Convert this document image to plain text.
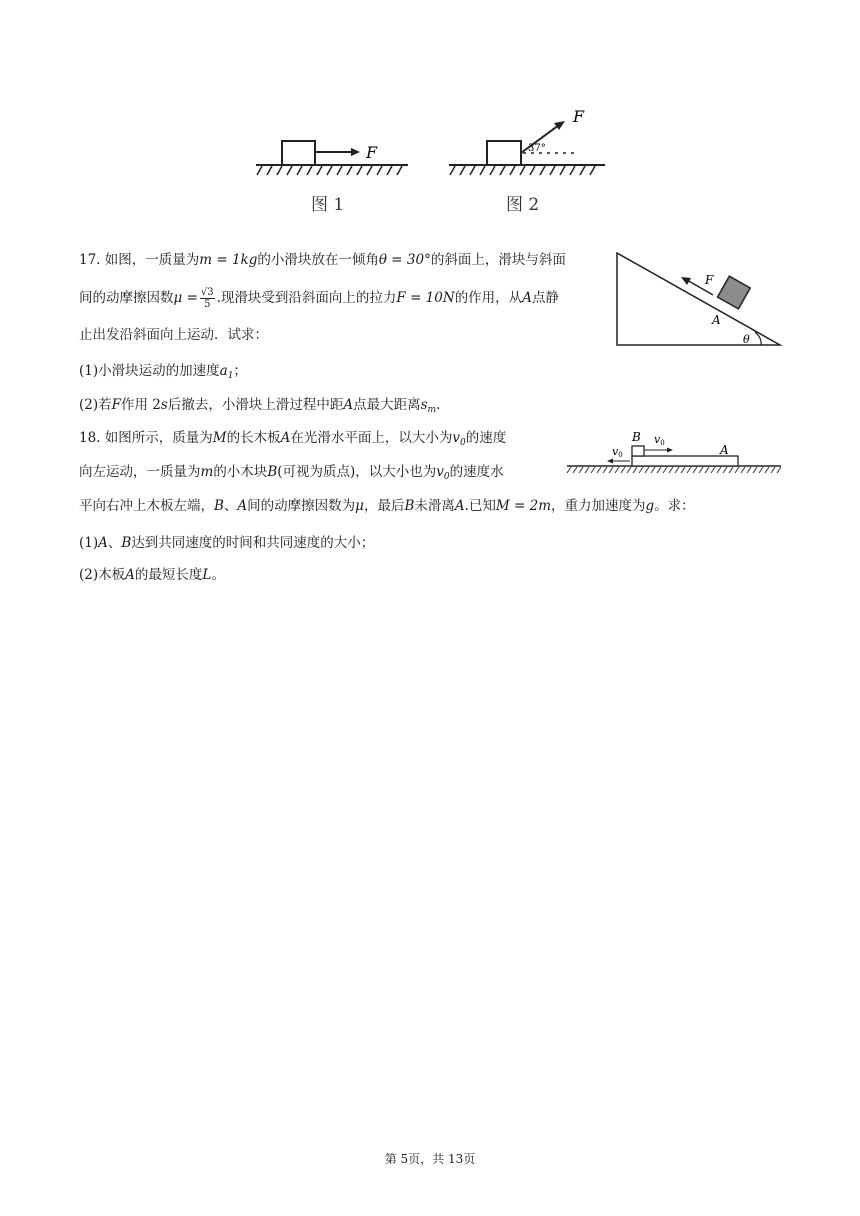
F
图 1
F
37°
图 2
17. 如图，一质量为m = 1kg的小滑块放在一倾角θ = 30°的斜面上，滑块与斜面
间的动摩擦因数$\mu = \frac{√3}{5}$ .现滑块受到沿斜面向上的拉力F = 10N的作用，从A点静
止出发沿斜面向上运动．试求：
(1)小滑块运动的加速度$a_1$；
(2)若F作用 2s后撤去，小滑块上滑过程中距A点最大距离$s_m$.
F
A
θ
18. 如图所示，质量为M的长木板A在光滑水平面上，以大小为$v_0$的速度
向左运动，一质量为m的小木块B(可视为质点)，以大小也为$v_0$的速度水
平向右冲上木板左端，B、A间的动摩擦因数为μ，最后B未滑离A.已知M = 2m，重力加速度为g。求：
(1)A、B达到共同速度的时间和共同速度的大小；
(2)木板A的最短长度L。
B
A
v0
v0
第 5页，共 13页
